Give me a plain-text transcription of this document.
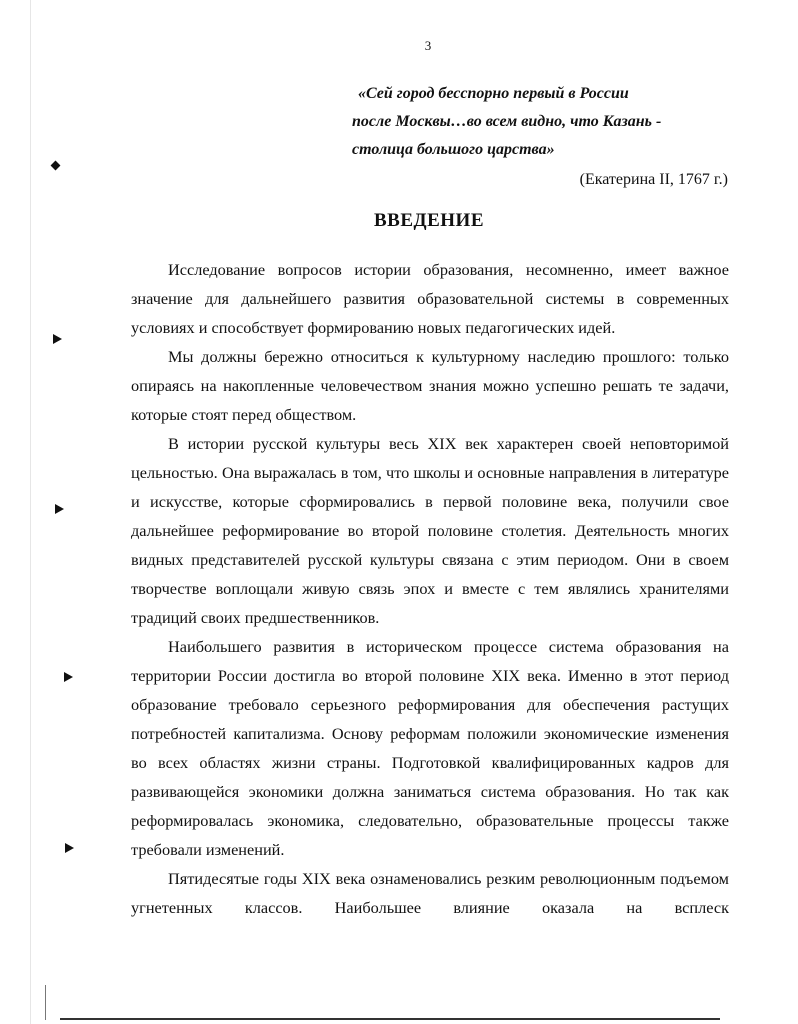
3
«Сей город бесспорно первый в России
после Москвы…во всем видно, что Казань -
столица большого царства»
(Екатерина II, 1767 г.)
ВВЕДЕНИЕ

Исследование вопросов истории образования, несомненно, имеет важное значение для дальнейшего развития образовательной системы в современных условиях и способствует формированию новых педагогических идей.

Мы должны бережно относиться к культурному наследию прошлого: только опираясь на накопленные человечеством знания можно успешно решать те задачи, которые стоят перед обществом.

В истории русской культуры весь XIX век характерен своей неповторимой цельностью. Она выражалась в том, что школы и основные направления в литературе и искусстве, которые сформировались в первой половине века, получили свое дальнейшее реформирование во второй половине столетия. Деятельность многих видных представителей русской культуры связана с этим периодом. Они в своем творчестве воплощали живую связь эпох и вместе с тем являлись хранителями традиций своих предшественников.

Наибольшего развития в историческом процессе система образования на территории России достигла во второй половине XIX века. Именно в этот период образование требовало серьезного реформирования для обеспечения растущих потребностей капитализма. Основу реформам положили экономические изменения во всех областях жизни страны. Подготовкой квалифицированных кадров для развивающейся экономики должна заниматься система образования. Но так как реформировалась экономика, следовательно, образовательные процессы также требовали изменений.

Пятидесятые годы XIX века ознаменовались резким революционным подъемом угнетенных классов. Наибольшее влияние оказала на всплеск
